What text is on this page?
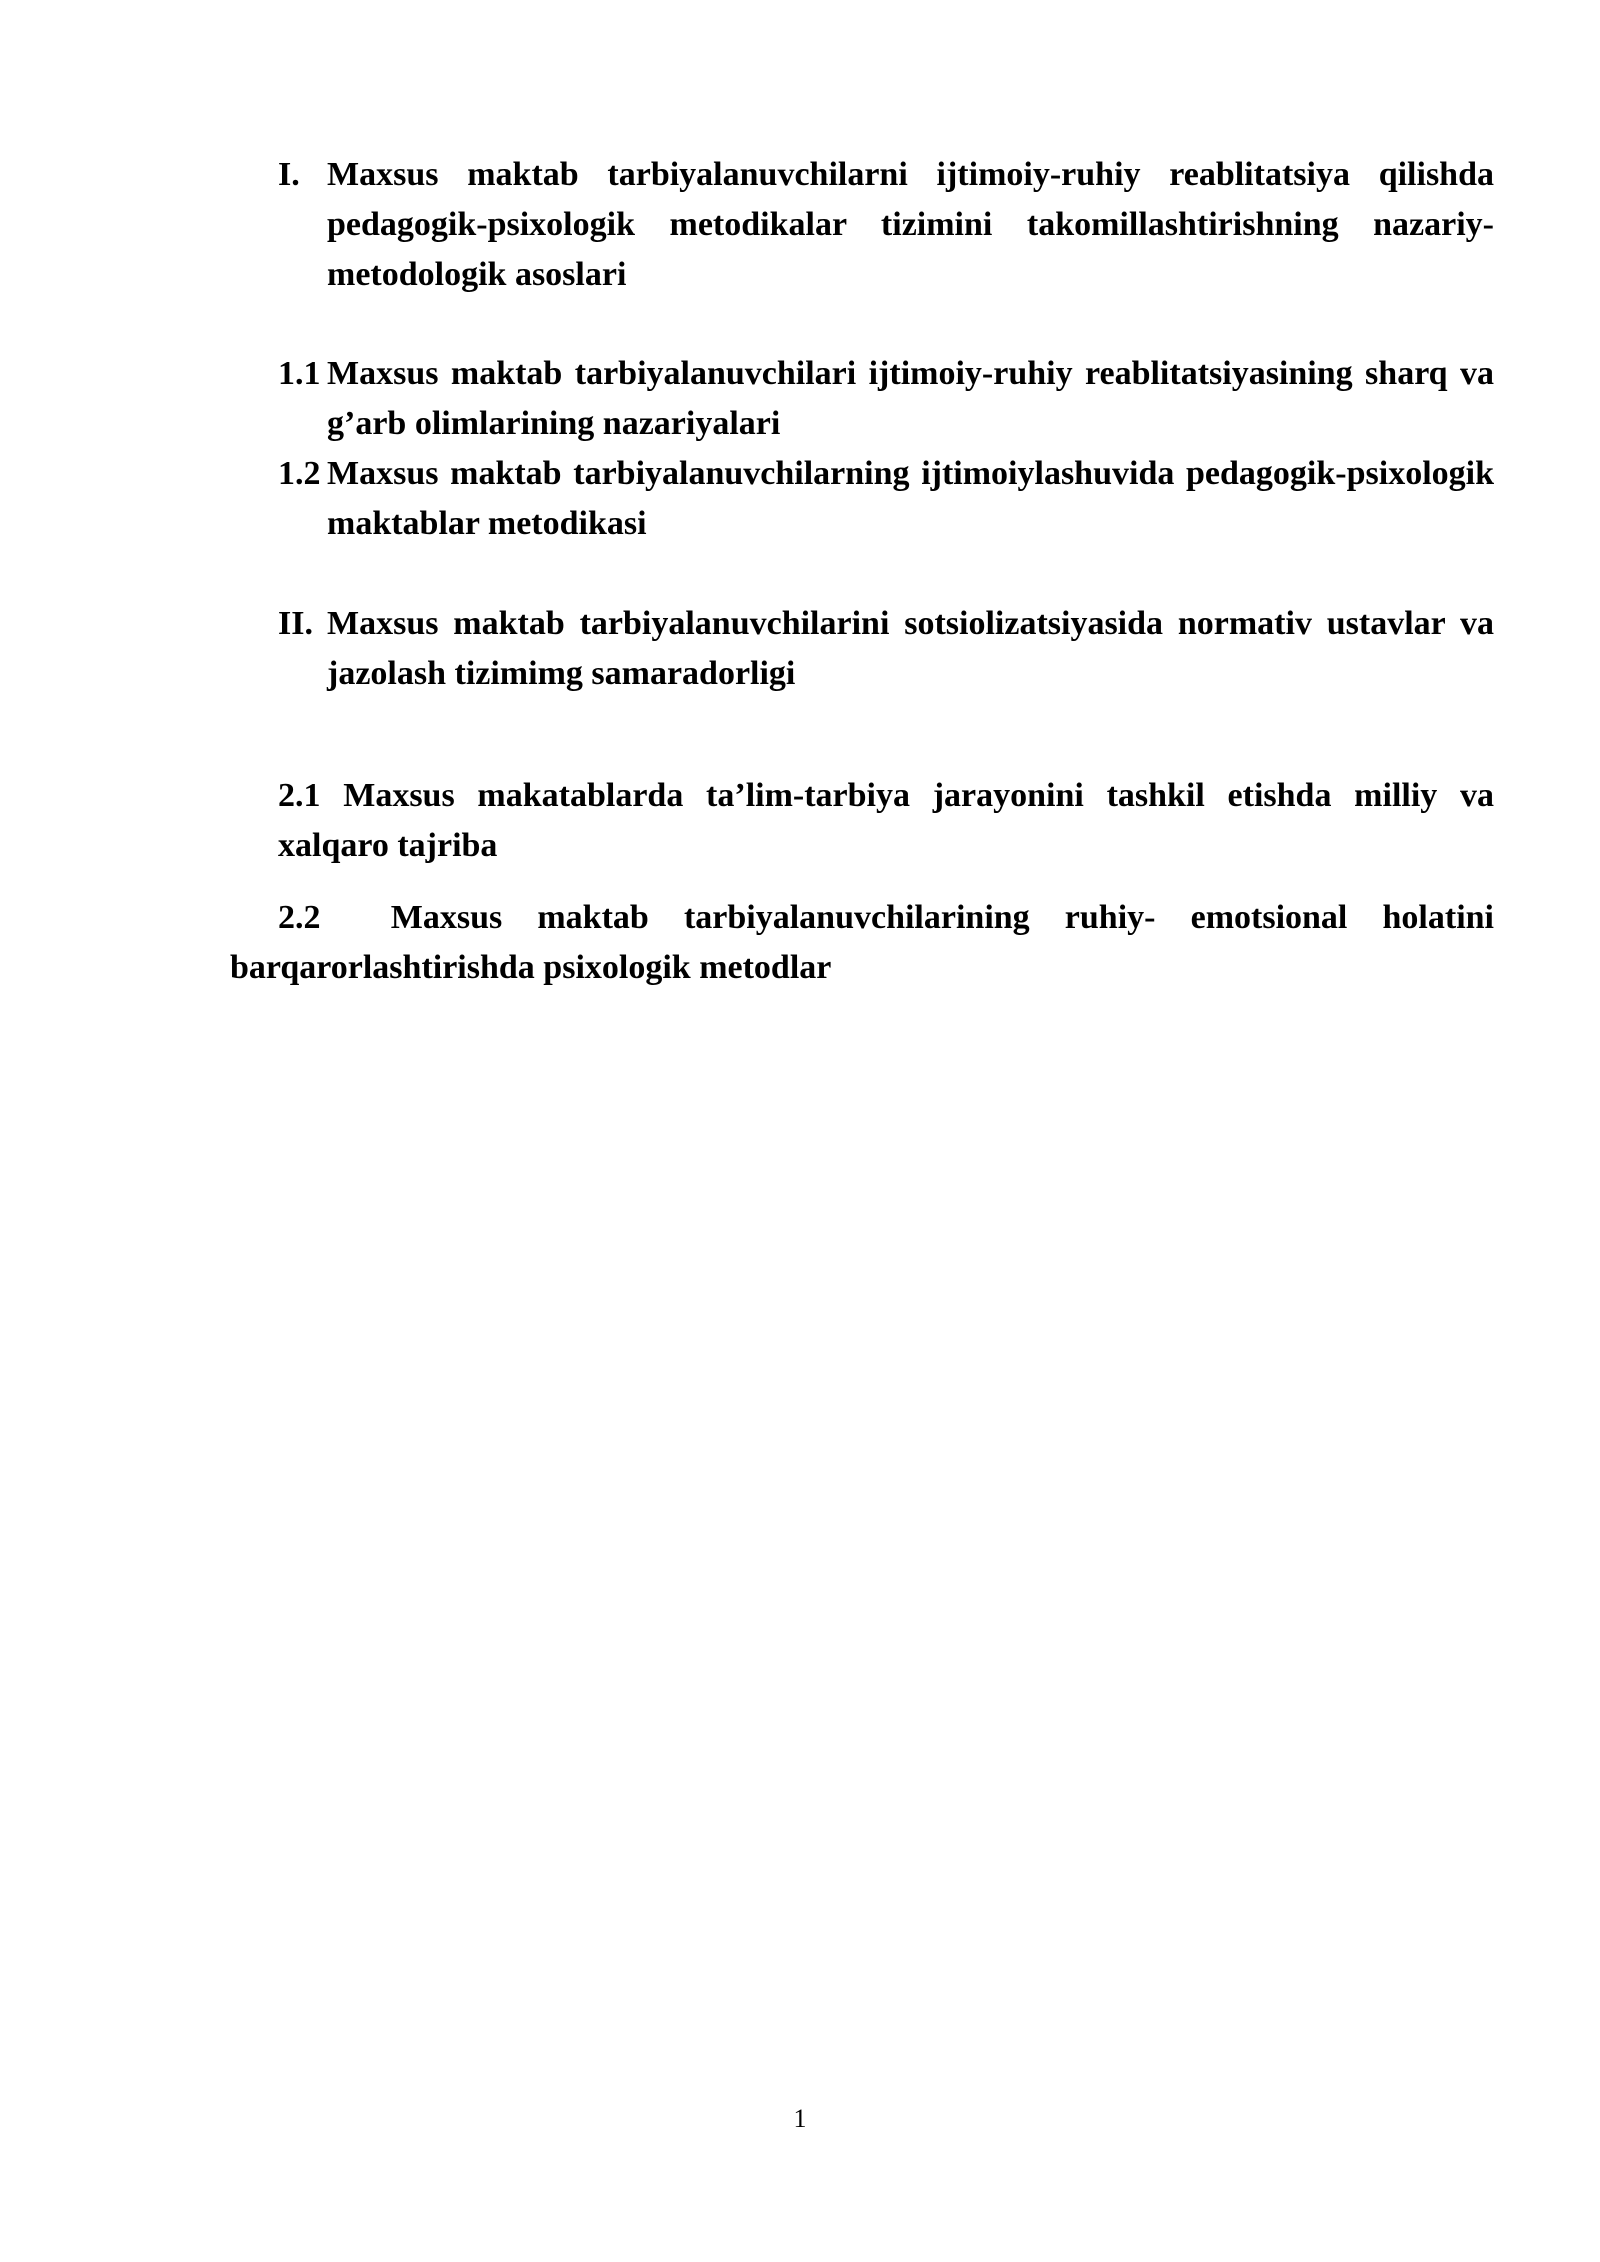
I. Maxsus maktab tarbiyalanuvchilarni ijtimoiy-ruhiy reablitatsiya qilishda pedagogik-psixologik metodikalar tizimini takomillashtirishning nazariy-metodologik asoslari
1.1 Maxsus maktab tarbiyalanuvchilari ijtimoiy-ruhiy reablitatsiyasining sharq va g’arb olimlarining nazariyalari
1.2 Maxsus maktab tarbiyalanuvchilarning ijtimoiylashuvida pedagogik-psixologik maktablar metodikasi
II. Maxsus maktab tarbiyalanuvchilarini sotsiolizatsiyasida normativ ustavlar va jazolash tizimimg samaradorligi
2.1 Maxsus makatablarda ta’lim-tarbiya jarayonini tashkil etishda milliy va xalqaro tajriba
2.2 Maxsus maktab tarbiyalanuvchilarining ruhiy- emotsional holatini barqarorlashtirishda psixologik metodlar
1
